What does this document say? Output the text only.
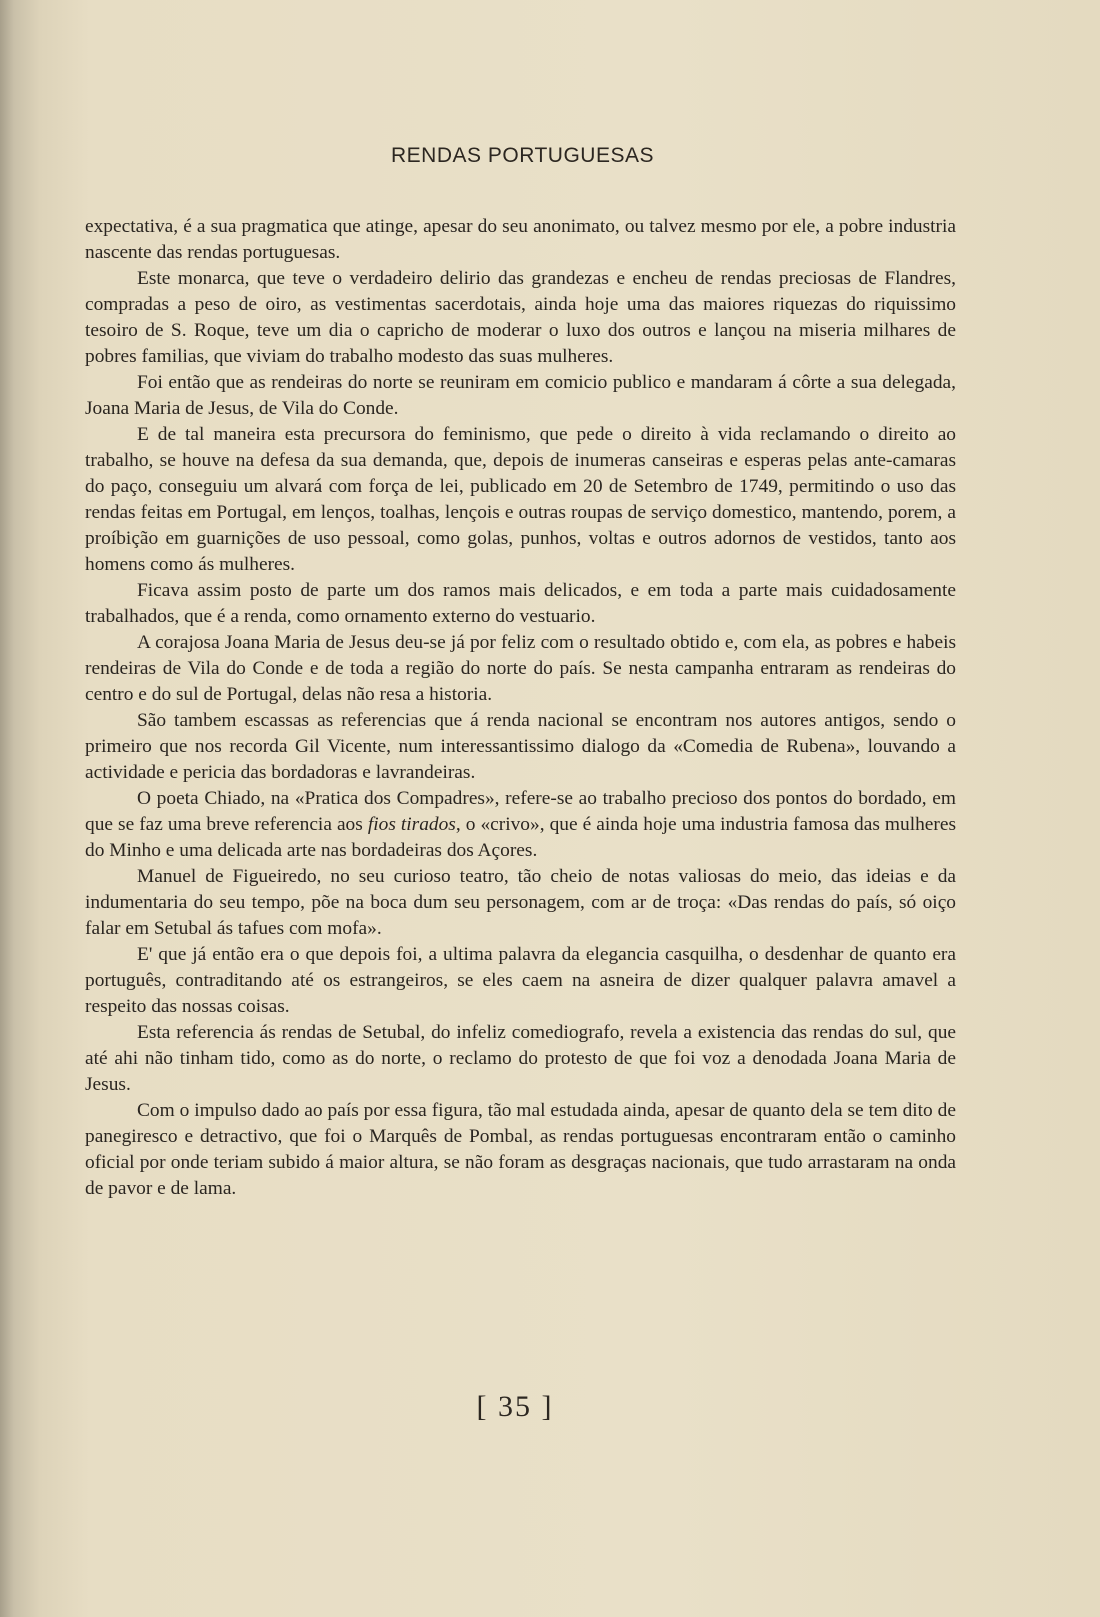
RENDAS PORTUGUESAS

expectativa, é a sua pragmatica que atinge, apesar do seu anonimato, ou talvez mesmo por ele, a pobre industria nascente das rendas portuguesas.

Este monarca, que teve o verdadeiro delirio das grandezas e encheu de rendas preciosas de Flandres, compradas a peso de oiro, as vestimentas sacerdotais, ainda hoje uma das maiores riquezas do riquissimo tesoiro de S. Roque, teve um dia o capricho de moderar o luxo dos outros e lançou na miseria milhares de pobres familias, que viviam do trabalho modesto das suas mulheres.

Foi então que as rendeiras do norte se reuniram em comicio publico e mandaram á côrte a sua delegada, Joana Maria de Jesus, de Vila do Conde.

E de tal maneira esta precursora do feminismo, que pede o direito à vida reclamando o direito ao trabalho, se houve na defesa da sua demanda, que, depois de inumeras canseiras e esperas pelas ante-camaras do paço, conseguiu um alvará com força de lei, publicado em 20 de Setembro de 1749, permitindo o uso das rendas feitas em Portugal, em lenços, toalhas, lençois e outras roupas de serviço domestico, mantendo, porem, a proíbição em guarnições de uso pessoal, como golas, punhos, voltas e outros adornos de vestidos, tanto aos homens como ás mulheres.

Ficava assim posto de parte um dos ramos mais delicados, e em toda a parte mais cuidadosamente trabalhados, que é a renda, como ornamento externo do vestuario.

A corajosa Joana Maria de Jesus deu-se já por feliz com o resultado obtido e, com ela, as pobres e habeis rendeiras de Vila do Conde e de toda a região do norte do país. Se nesta campanha entraram as rendeiras do centro e do sul de Portugal, delas não resa a historia.

São tambem escassas as referencias que á renda nacional se encontram nos autores antigos, sendo o primeiro que nos recorda Gil Vicente, num interessantissimo dialogo da «Comedia de Rubena», louvando a actividade e pericia das bordadoras e lavrandeiras.

O poeta Chiado, na «Pratica dos Compadres», refere-se ao trabalho precioso dos pontos do bordado, em que se faz uma breve referencia aos fios tirados, o «crivo», que é ainda hoje uma industria famosa das mulheres do Minho e uma delicada arte nas bordadeiras dos Açores.

Manuel de Figueiredo, no seu curioso teatro, tão cheio de notas valiosas do meio, das ideias e da indumentaria do seu tempo, põe na boca dum seu personagem, com ar de troça: «Das rendas do país, só oiço falar em Setubal ás tafues com mofa».

E' que já então era o que depois foi, a ultima palavra da elegancia casquilha, o desdenhar de quanto era português, contraditando até os estrangeiros, se eles caem na asneira de dizer qualquer palavra amavel a respeito das nossas coisas.

Esta referencia ás rendas de Setubal, do infeliz comediografo, revela a existencia das rendas do sul, que até ahi não tinham tido, como as do norte, o reclamo do protesto de que foi voz a denodada Joana Maria de Jesus.

Com o impulso dado ao país por essa figura, tão mal estudada ainda, apesar de quanto dela se tem dito de panegiresco e detractivo, que foi o Marquês de Pombal, as rendas portuguesas encontraram então o caminho oficial por onde teriam subido á maior altura, se não foram as desgraças nacionais, que tudo arrastaram na onda de pavor e de lama.

[ 35 ]
